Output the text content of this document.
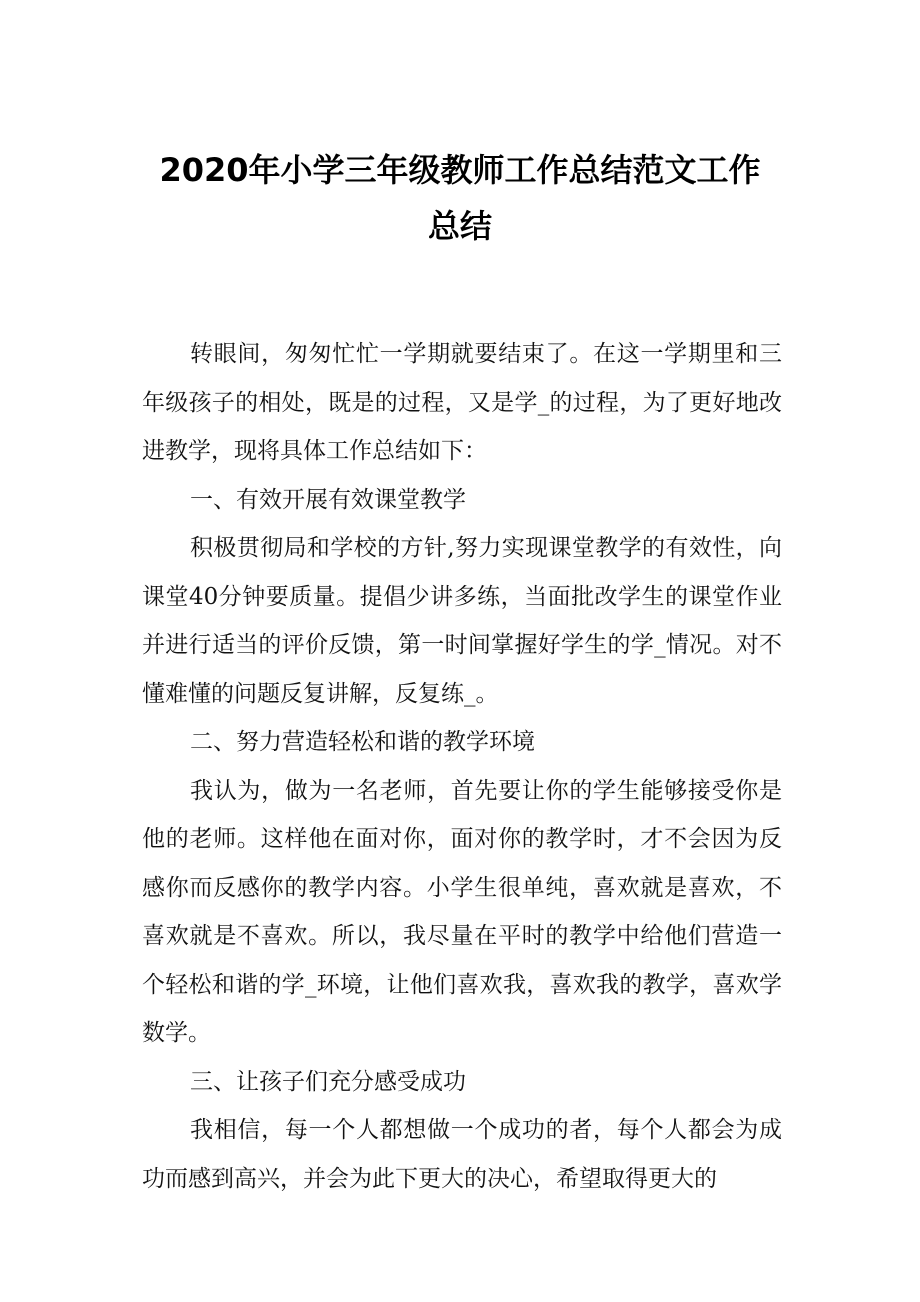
2020年小学三年级教师工作总结范文工作
总结

转眼间，匆匆忙忙一学期就要结束了。在这一学期里和三年级孩子的相处，既是的过程，又是学_的过程，为了更好地改进教学，现将具体工作总结如下：

一、有效开展有效课堂教学

积极贯彻局和学校的方针,努力实现课堂教学的有效性，向课堂40分钟要质量。提倡少讲多练，当面批改学生的课堂作业并进行适当的评价反馈，第一时间掌握好学生的学_情况。对不懂难懂的问题反复讲解，反复练_。

二、努力营造轻松和谐的教学环境

我认为，做为一名老师，首先要让你的学生能够接受你是他的老师。这样他在面对你，面对你的教学时，才不会因为反感你而反感你的教学内容。小学生很单纯，喜欢就是喜欢，不喜欢就是不喜欢。所以，我尽量在平时的教学中给他们营造一个轻松和谐的学_环境，让他们喜欢我，喜欢我的教学，喜欢学数学。

三、让孩子们充分感受成功

我相信，每一个人都想做一个成功的者，每个人都会为成功而感到高兴，并会为此下更大的决心，希望取得更大的
